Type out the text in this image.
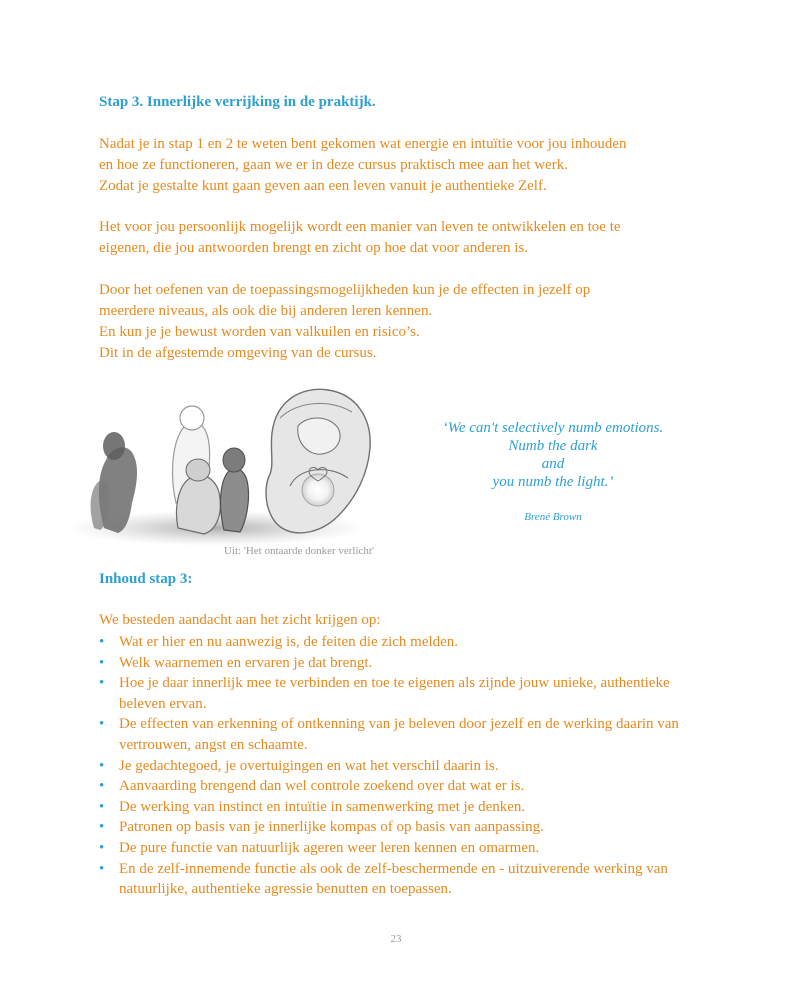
Stap 3. Innerlijke verrijking in de praktijk.

Nadat je in stap 1 en 2 te weten bent gekomen wat energie en intuïtie voor jou inhouden
en hoe ze functioneren, gaan we er in deze cursus praktisch mee aan het werk.
Zodat je gestalte kunt gaan geven aan een leven vanuit je authentieke Zelf.

Het voor jou persoonlijk mogelijk wordt een manier van leven te ontwikkelen en toe te
eigenen, die jou antwoorden brengt en zicht op hoe dat voor anderen is.

Door het oefenen van de toepassingsmogelijkheden kun je de effecten in jezelf op
meerdere niveaus, als ook die bij anderen leren kennen.
En kun je je bewust worden van valkuilen en risico’s.
Dit in de afgestemde omgeving van de cursus.

Uit: 'Het ontaarde donker verlicht'

‘We can't selectively numb emotions.
Numb the dark
and
you numb the light.’
Brené Brown
Inhoud stap 3:

We besteden aandacht aan het zicht krijgen op:

• Wat er hier en nu aanwezig is, de feiten die zich melden.
• Welk waarnemen en ervaren je dat brengt.
• Hoe je daar innerlijk mee te verbinden en toe te eigenen als zijnde jouw unieke, authentieke beleven ervan.
• De effecten van erkenning of ontkenning van je beleven door jezelf en de werking daarin van vertrouwen, angst en schaamte.
• Je gedachtegoed, je overtuigingen en wat het verschil daarin is.
• Aanvaarding brengend dan wel controle zoekend over dat wat er is.
• De werking van instinct en intuïtie in samenwerking met je denken.
• Patronen op basis van je innerlijke kompas of op basis van aanpassing.
• De pure functie van natuurlijk ageren weer leren kennen en omarmen.
• En de zelf-innemende functie als ook de zelf-beschermende en - uitzuiverende werking van natuurlijke, authentieke agressie benutten en toepassen.

23
